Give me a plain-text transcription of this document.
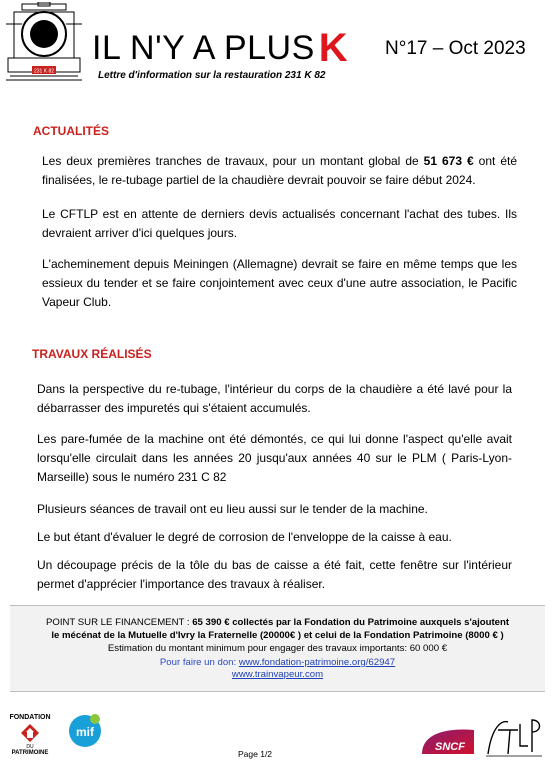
231 K 82
IL N'Y A PLUS K N°17 – Oct 2023
Lettre d'information sur la restauration 231 K 82
ACTUALITÉS
Les deux premières tranches de travaux, pour un montant global de 51 673 € ont été finalisées, le re-tubage partiel de la chaudière devrait pouvoir se faire début 2024.
Le CFTLP est en attente de derniers devis actualisés concernant l'achat des tubes. Ils devraient arriver d'ici quelques jours.
L'acheminement depuis Meiningen (Allemagne) devrait se faire en même temps que les essieux du tender et se faire conjointement avec ceux d'une autre association, le Pacific Vapeur Club.
TRAVAUX RÉALISÉS
Dans la perspective du re-tubage, l'intérieur du corps de la chaudière a été lavé pour la débarrasser des impuretés qui s'étaient accumulés.
Les pare-fumée de la machine ont été démontés, ce qui lui donne l'aspect qu'elle avait lorsqu'elle circulait dans les années 20 jusqu'aux années 40 sur le PLM ( Paris-Lyon-Marseille) sous le numéro 231 C 82
Plusieurs séances de travail ont eu lieu aussi sur le tender de la machine.
Le but étant d'évaluer le degré de corrosion de l'enveloppe de la caisse à eau.
Un découpage précis de la tôle du bas de caisse a été fait, cette fenêtre sur l'intérieur permet d'apprécier l'importance des travaux à réaliser.
POINT SUR LE FINANCEMENT : 65 390 € collectés par la Fondation du Patrimoine auxquels s'ajoutent
le mécénat de la Mutuelle d'Ivry la Fraternelle (20000€ ) et celui de la Fondation Patrimoine (8000 € )
Estimation du montant minimum pour engager des travaux importants: 60 000 €
Pour faire un don: www.fondation-patrimoine.org/62947
www.trainvapeur.com
FONDATION
DU
PATRIMOINE
mif
Page 1/2
SNCF
CFTLP
